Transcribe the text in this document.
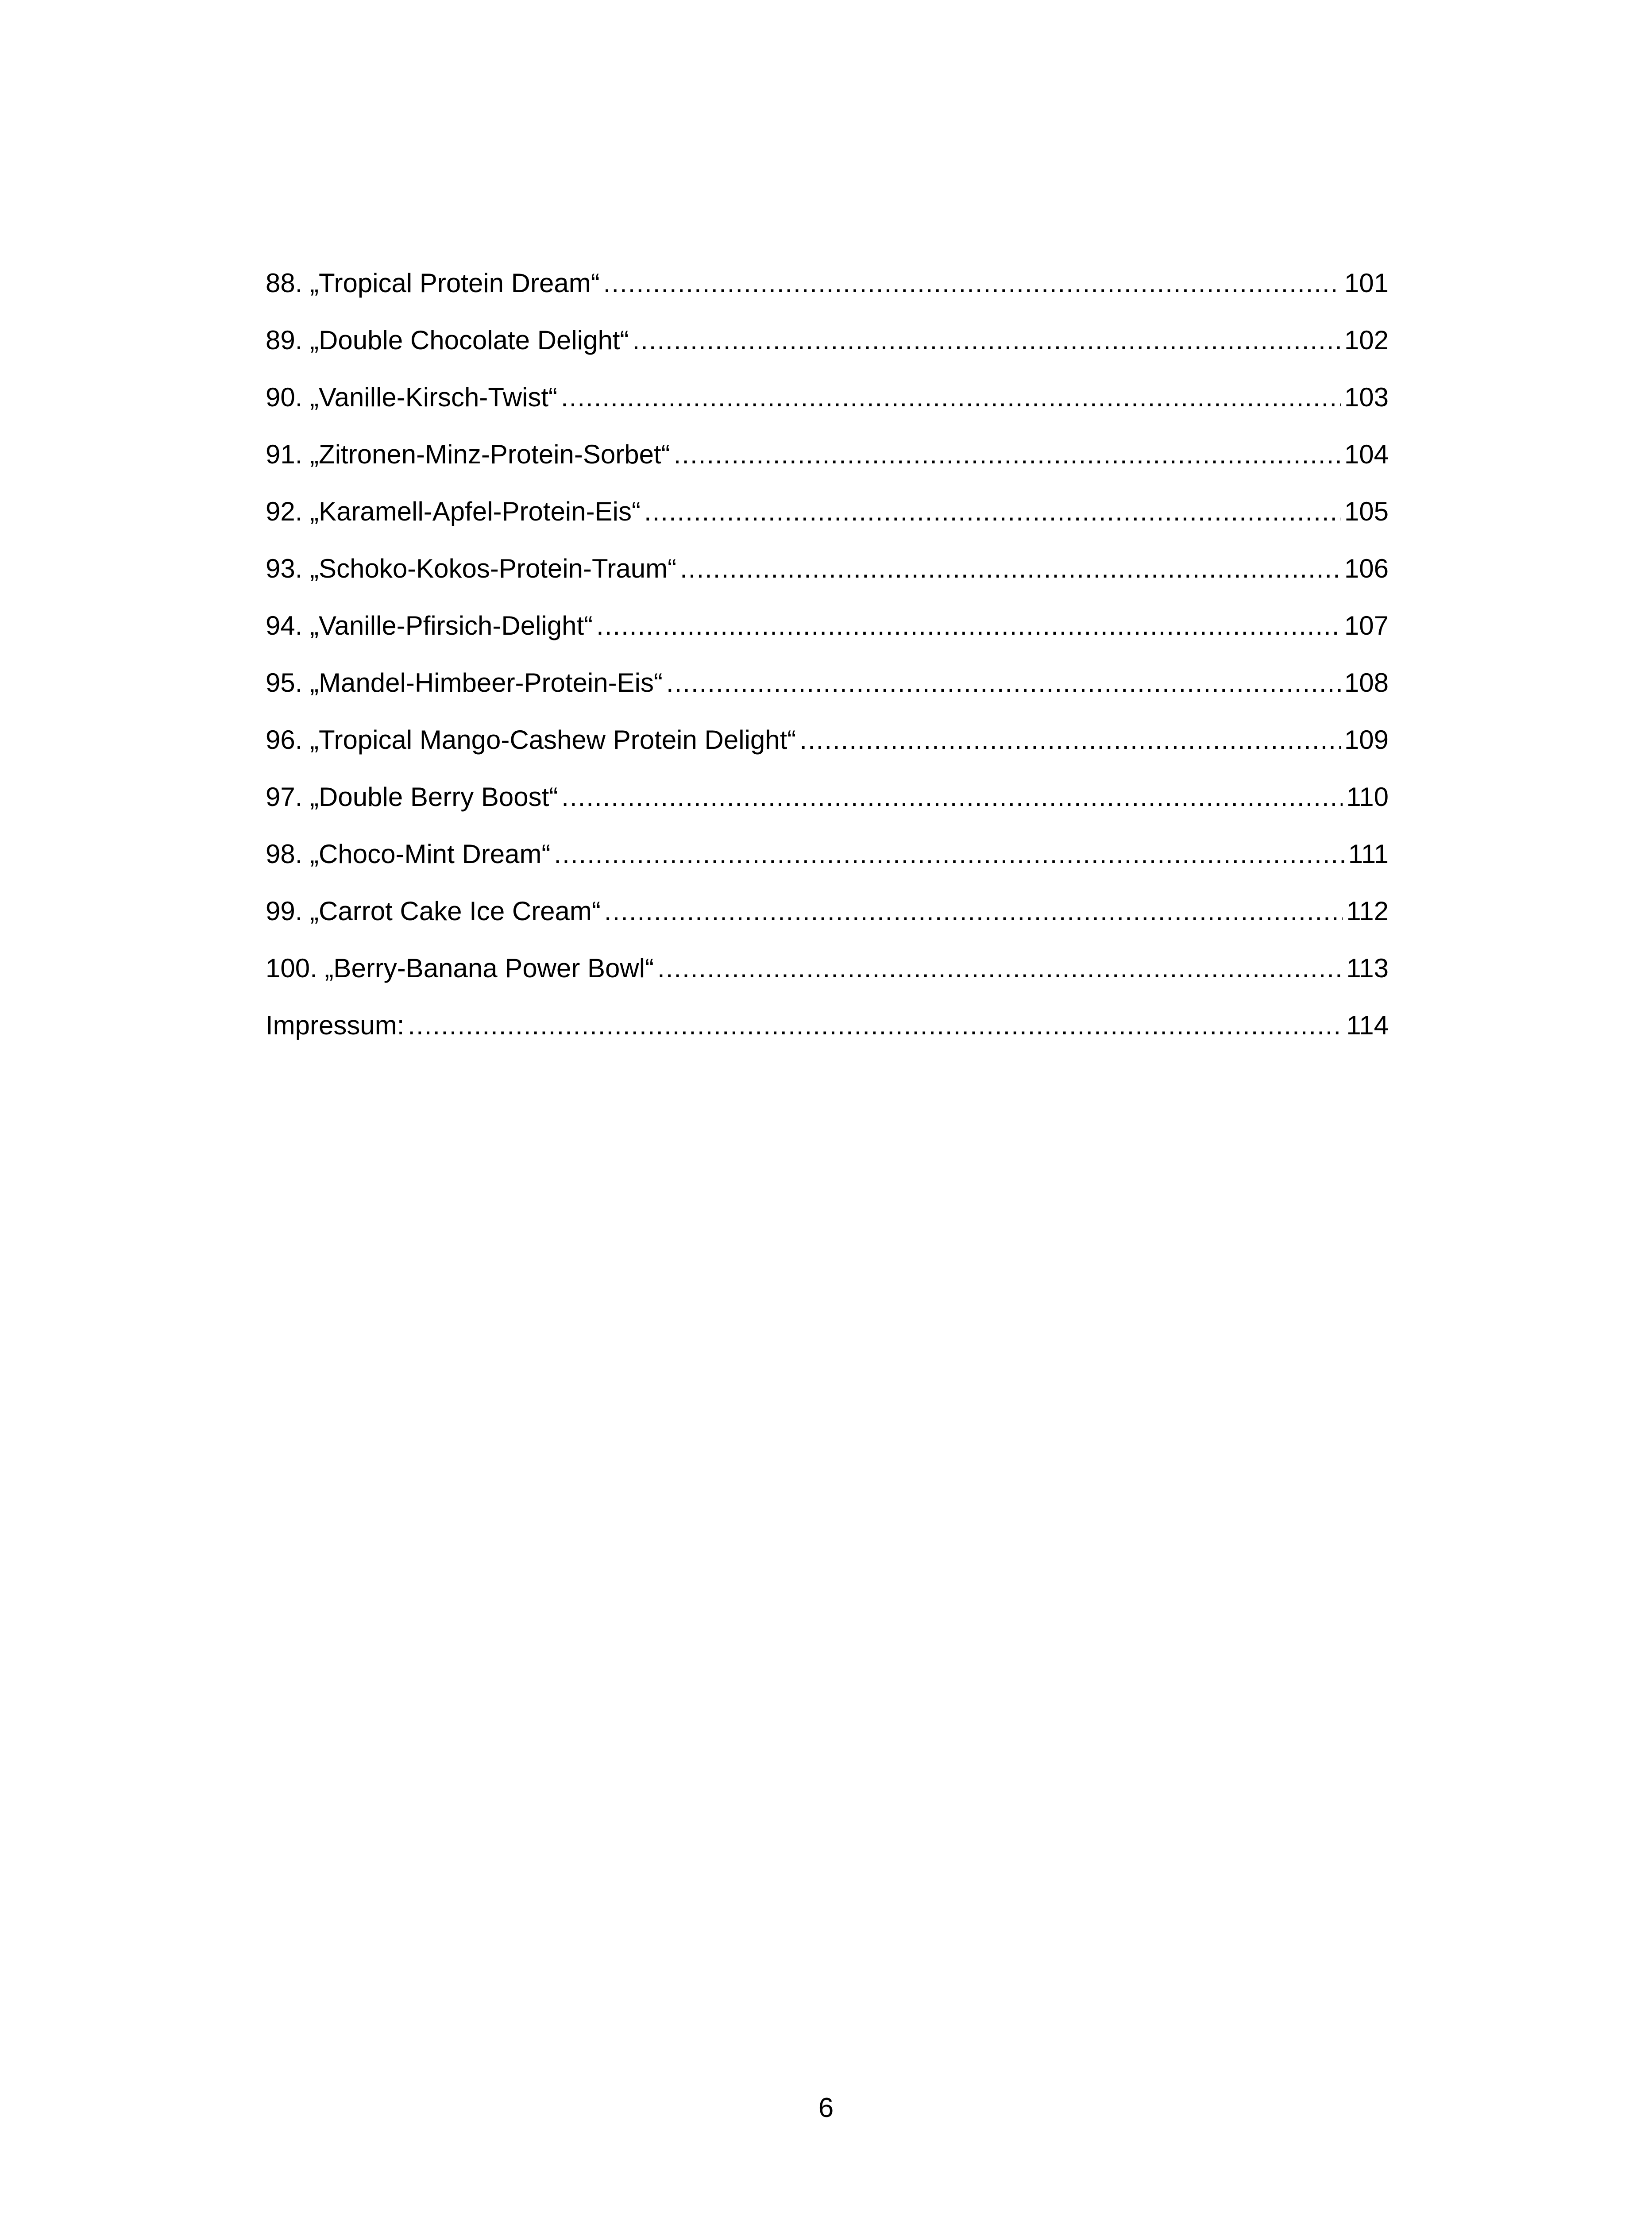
88. „Tropical Protein Dream“ .....	101
89. „Double Chocolate Delight“ .....	102
90. „Vanille-Kirsch-Twist“ .....	103
91. „Zitronen-Minz-Protein-Sorbet“ .....	104
92. „Karamell-Apfel-Protein-Eis“ .....	105
93. „Schoko-Kokos-Protein-Traum“ .....	106
94. „Vanille-Pfirsich-Delight“ .....	107
95. „Mandel-Himbeer-Protein-Eis“ .....	108
96. „Tropical Mango-Cashew Protein Delight“ .....	109
97. „Double Berry Boost“ .....	110
98. „Choco-Mint Dream“ .....	111
99. „Carrot Cake Ice Cream“ .....	112
100. „Berry-Banana Power Bowl“ .....	113
Impressum: .....	114
6
